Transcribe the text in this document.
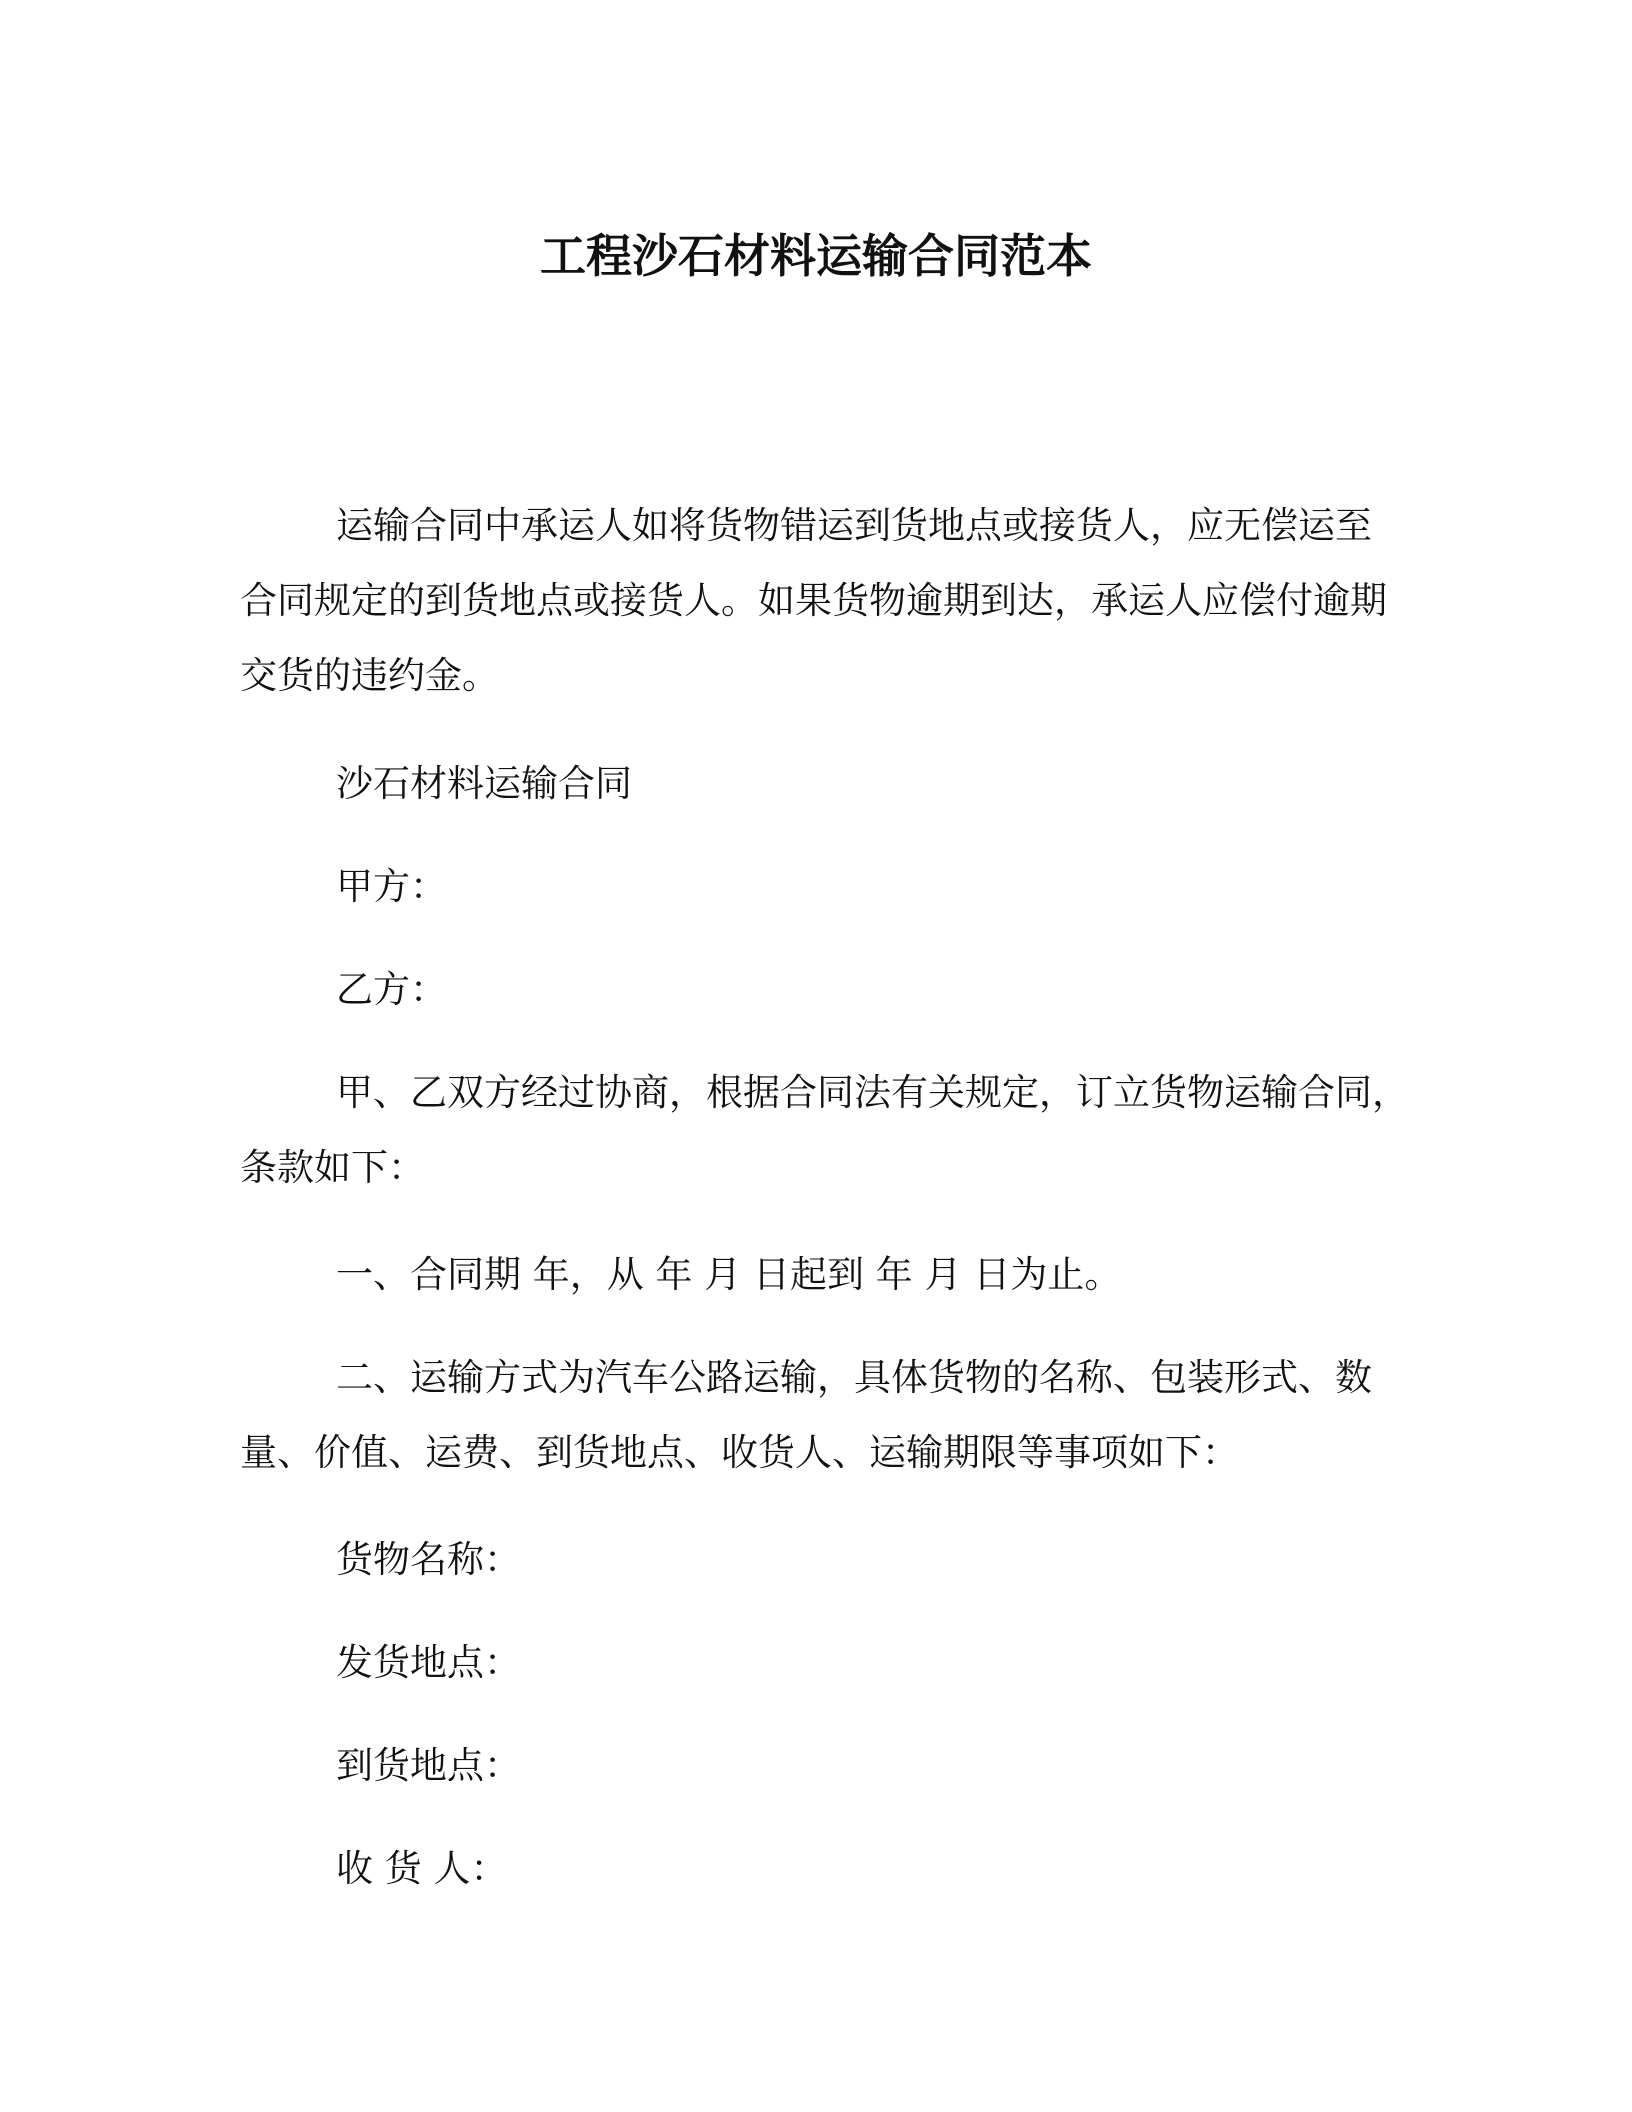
工程沙石材料运输合同范本

运输合同中承运人如将货物错运到货地点或接货人，应无偿运至合同规定的到货地点或接货人。如果货物逾期到达，承运人应偿付逾期交货的违约金。

沙石材料运输合同

甲方：

乙方：

甲、乙双方经过协商，根据合同法有关规定，订立货物运输合同，条款如下：

一、合同期 年，从 年 月 日起到 年 月 日为止。

二、运输方式为汽车公路运输，具体货物的名称、包装形式、数量、价值、运费、到货地点、收货人、运输期限等事项如下：

货物名称：

发货地点：

到货地点：

收 货 人：
